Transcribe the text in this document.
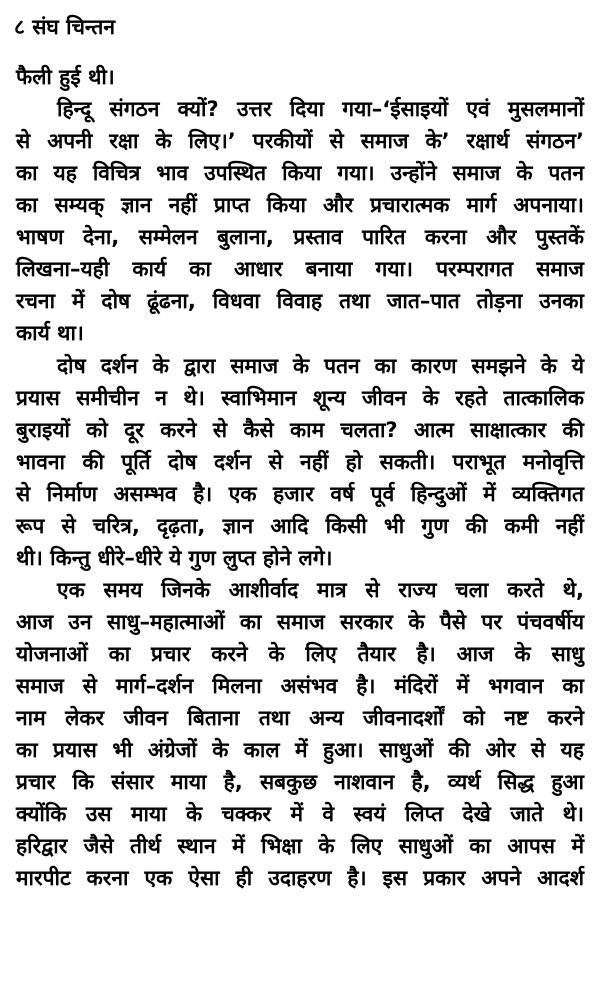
८ संघ चिन्तन
फैली हुई थी।
हिन्दू संगठन क्यों? उत्तर दिया गया–‘ईसाइयों एवं मुसलमानों
से अपनी रक्षा के लिए।’ परकीयों से समाज के’ रक्षार्थ संगठन’
का यह विचित्र भाव उपस्थित किया गया। उन्होंने समाज के पतन
का सम्यक् ज्ञान नहीं प्राप्त किया और प्रचारात्मक मार्ग अपनाया।
भाषण देना, सम्मेलन बुलाना, प्रस्ताव पारित करना और पुस्तकें
लिखना–यही कार्य का आधार बनाया गया। परम्परागत समाज
रचना में दोष ढूंढना, विधवा विवाह तथा जात–पात तोड़ना उनका
कार्य था।
दोष दर्शन के द्वारा समाज के पतन का कारण समझने के ये
प्रयास समीचीन न थे। स्वाभिमान शून्य जीवन के रहते तात्कालिक
बुराइयों को दूर करने से कैसे काम चलता? आत्म साक्षात्कार की
भावना की पूर्ति दोष दर्शन से नहीं हो सकती। पराभूत मनोवृत्ति
से निर्माण असम्भव है। एक हजार वर्ष पूर्व हिन्दुओं में व्यक्तिगत
रूप से चरित्र, दृढ़ता, ज्ञान आदि किसी भी गुण की कमी नहीं
थी। किन्तु धीरे–धीरे ये गुण लुप्त होने लगे।
एक समय जिनके आशीर्वाद मात्र से राज्य चला करते थे,
आज उन साधु–महात्माओं का समाज सरकार के पैसे पर पंचवर्षीय
योजनाओं का प्रचार करने के लिए तैयार है। आज के साधु
समाज से मार्ग–दर्शन मिलना असंभव है। मंदिरों में भगवान का
नाम लेकर जीवन बिताना तथा अन्य जीवनादर्शों को नष्ट करने
का प्रयास भी अंग्रेजों के काल में हुआ। साधुओं की ओर से यह
प्रचार कि संसार माया है, सबकुछ नाशवान है, व्यर्थ सिद्ध हुआ
क्योंकि उस माया के चक्कर में वे स्वयं लिप्त देखे जाते थे।
हरिद्वार जैसे तीर्थ स्थान में भिक्षा के लिए साधुओं का आपस में
मारपीट करना एक ऐसा ही उदाहरण है। इस प्रकार अपने आदर्श
